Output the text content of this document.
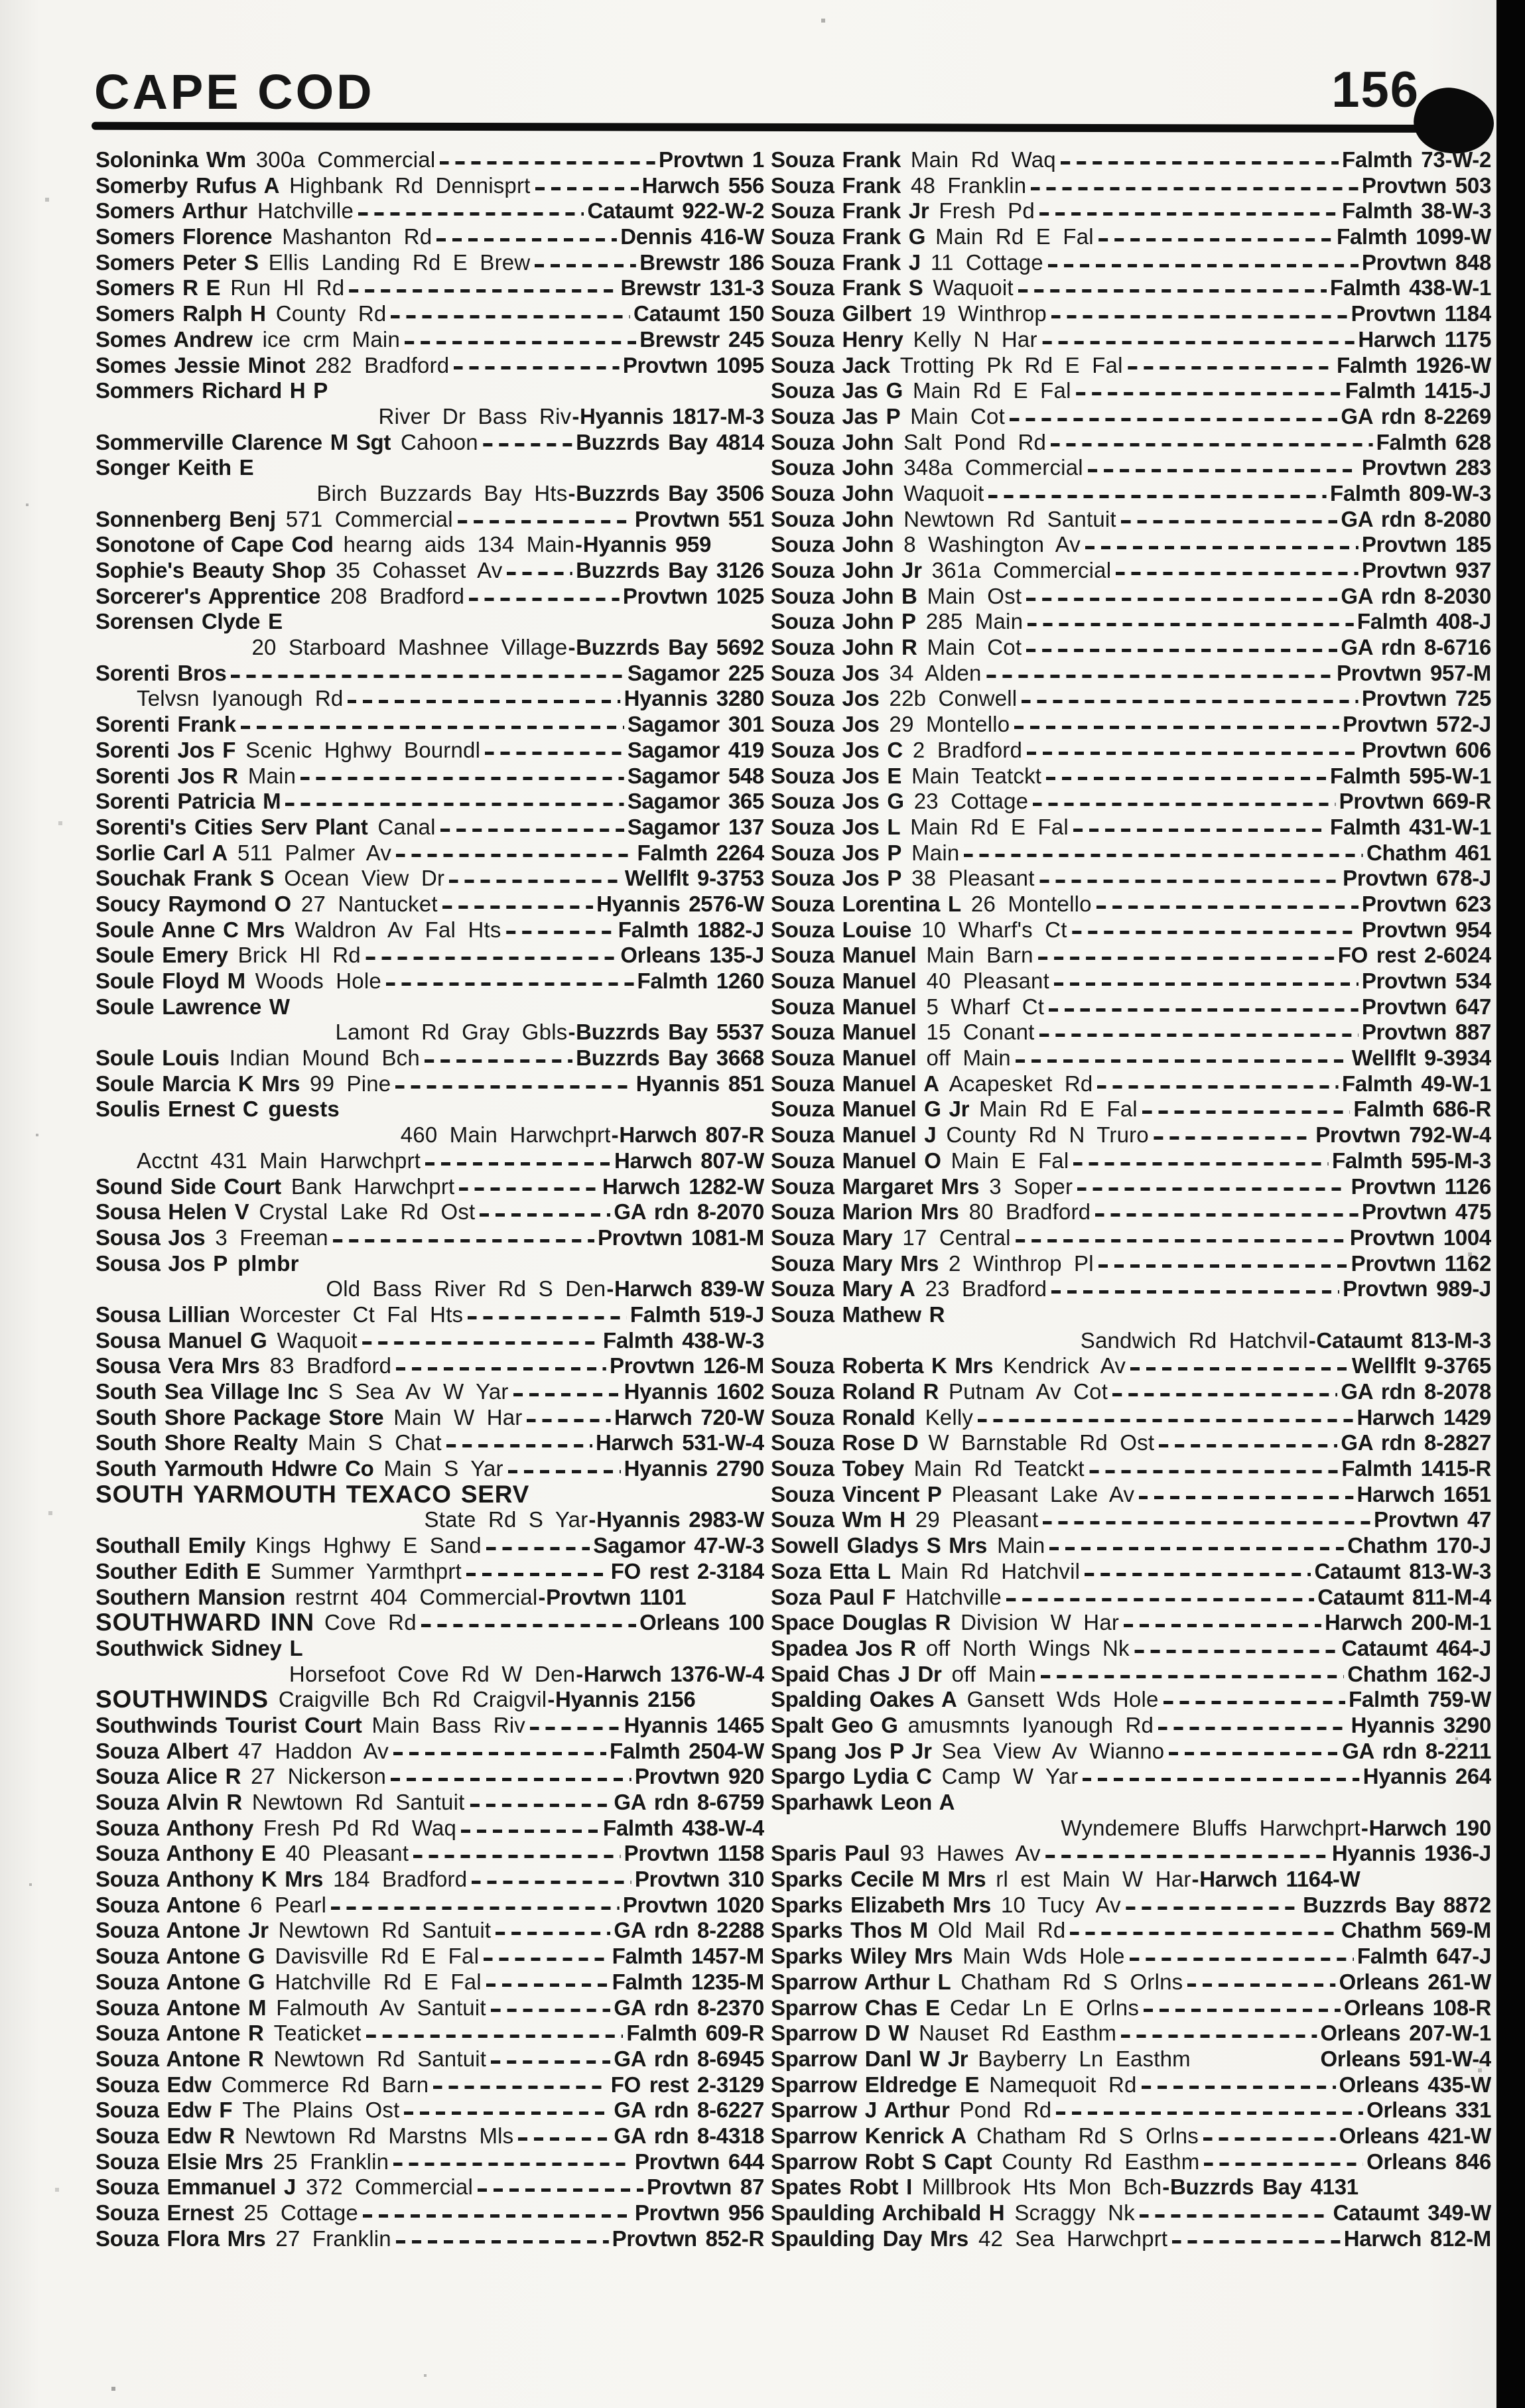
CAPE COD	156
Soloninka Wm 300a Commercial	Provtwn 1
Somerby Rufus A Highbank Rd Dennisprt	Harwch 556
Somers Arthur Hatchville	Cataumt 922-W-2
Somers Florence Mashanton Rd	Dennis 416-W
Somers Peter S Ellis Landing Rd E Brew	Brewstr 186
Somers R E Run Hl Rd	Brewstr 131-3
Somers Ralph H County Rd	Cataumt 150
Somes Andrew ice crm Main	Brewstr 245
Somes Jessie Minot 282 Bradford	Provtwn 1095
Sommers Richard H P
River Dr Bass Riv - Hyannis 1817-M-3
Sommerville Clarence M Sgt Cahoon	Buzzrds Bay 4814
Songer Keith E
Birch Buzzards Bay Hts - Buzzrds Bay 3506
Sonnenberg Benj 571 Commercial	Provtwn 551
Sonotone of Cape Cod hearng aids 134 Main - Hyannis 959
Sophie's Beauty Shop 35 Cohasset Av	Buzzrds Bay 3126
Sorcerer's Apprentice 208 Bradford	Provtwn 1025
Sorensen Clyde E
20 Starboard Mashnee Village - Buzzrds Bay 5692
Sorenti Bros	Sagamor 225
Telvsn Iyanough Rd	Hyannis 3280
Sorenti Frank	Sagamor 301
Sorenti Jos F Scenic Hghwy Bourndl	Sagamor 419
Sorenti Jos R Main	Sagamor 548
Sorenti Patricia M	Sagamor 365
Sorenti's Cities Serv Plant Canal	Sagamor 137
Sorlie Carl A 511 Palmer Av	Falmth 2264
Souchak Frank S Ocean View Dr	Wellflt 9-3753
Soucy Raymond O 27 Nantucket	Hyannis 2576-W
Soule Anne C Mrs Waldron Av Fal Hts	Falmth 1882-J
Soule Emery Brick Hl Rd	Orleans 135-J
Soule Floyd M Woods Hole	Falmth 1260
Soule Lawrence W
Lamont Rd Gray Gbls - Buzzrds Bay 5537
Soule Louis Indian Mound Bch	Buzzrds Bay 3668
Soule Marcia K Mrs 99 Pine	Hyannis 851
Soulis Ernest C guests
460 Main Harwchprt - Harwch 807-R
Acctnt 431 Main Harwchprt	Harwch 807-W
Sound Side Court Bank Harwchprt	Harwch 1282-W
Sousa Helen V Crystal Lake Rd Ost	GA rdn 8-2070
Sousa Jos 3 Freeman	Provtwn 1081-M
Sousa Jos P plmbr
Old Bass River Rd S Den - Harwch 839-W
Sousa Lillian Worcester Ct Fal Hts	Falmth 519-J
Sousa Manuel G Waquoit	Falmth 438-W-3
Sousa Vera Mrs 83 Bradford	Provtwn 126-M
South Sea Village Inc S Sea Av W Yar	Hyannis 1602
South Shore Package Store Main W Har	Harwch 720-W
South Shore Realty Main S Chat	Harwch 531-W-4
South Yarmouth Hdwre Co Main S Yar	Hyannis 2790
SOUTH YARMOUTH TEXACO SERV
State Rd S Yar - Hyannis 2983-W
Southall Emily Kings Hghwy E Sand	Sagamor 47-W-3
Souther Edith E Summer Yarmthprt	FO rest 2-3184
Southern Mansion restrnt 404 Commercial - Provtwn 1101
SOUTHWARD INN Cove Rd	Orleans 100
Southwick Sidney L
Horsefoot Cove Rd W Den - Harwch 1376-W-4
SOUTHWINDS Craigville Bch Rd Craigvil - Hyannis 2156
Southwinds Tourist Court Main Bass Riv	Hyannis 1465
Souza Albert 47 Haddon Av	Falmth 2504-W
Souza Alice R 27 Nickerson	Provtwn 920
Souza Alvin R Newtown Rd Santuit	GA rdn 8-6759
Souza Anthony Fresh Pd Rd Waq	Falmth 438-W-4
Souza Anthony E 40 Pleasant	Provtwn 1158
Souza Anthony K Mrs 184 Bradford	Provtwn 310
Souza Antone 6 Pearl	Provtwn 1020
Souza Antone Jr Newtown Rd Santuit	GA rdn 8-2288
Souza Antone G Davisville Rd E Fal	Falmth 1457-M
Souza Antone G Hatchville Rd E Fal	Falmth 1235-M
Souza Antone M Falmouth Av Santuit	GA rdn 8-2370
Souza Antone R Teaticket	Falmth 609-R
Souza Antone R Newtown Rd Santuit	GA rdn 8-6945
Souza Edw Commerce Rd Barn	FO rest 2-3129
Souza Edw F The Plains Ost	GA rdn 8-6227
Souza Edw R Newtown Rd Marstns Mls	GA rdn 8-4318
Souza Elsie Mrs 25 Franklin	Provtwn 644
Souza Emmanuel J 372 Commercial	Provtwn 87
Souza Ernest 25 Cottage	Provtwn 956
Souza Flora Mrs 27 Franklin	Provtwn 852-R
Souza Frank Main Rd Waq	Falmth 73-W-2
Souza Frank 48 Franklin	Provtwn 503
Souza Frank Jr Fresh Pd	Falmth 38-W-3
Souza Frank G Main Rd E Fal	Falmth 1099-W
Souza Frank J 11 Cottage	Provtwn 848
Souza Frank S Waquoit	Falmth 438-W-1
Souza Gilbert 19 Winthrop	Provtwn 1184
Souza Henry Kelly N Har	Harwch 1175
Souza Jack Trotting Pk Rd E Fal	Falmth 1926-W
Souza Jas G Main Rd E Fal	Falmth 1415-J
Souza Jas P Main Cot	GA rdn 8-2269
Souza John Salt Pond Rd	Falmth 628
Souza John 348a Commercial	Provtwn 283
Souza John Waquoit	Falmth 809-W-3
Souza John Newtown Rd Santuit	GA rdn 8-2080
Souza John 8 Washington Av	Provtwn 185
Souza John Jr 361a Commercial	Provtwn 937
Souza John B Main Ost	GA rdn 8-2030
Souza John P 285 Main	Falmth 408-J
Souza John R Main Cot	GA rdn 8-6716
Souza Jos 34 Alden	Provtwn 957-M
Souza Jos 22b Conwell	Provtwn 725
Souza Jos 29 Montello	Provtwn 572-J
Souza Jos C 2 Bradford	Provtwn 606
Souza Jos E Main Teatckt	Falmth 595-W-1
Souza Jos G 23 Cottage	Provtwn 669-R
Souza Jos L Main Rd E Fal	Falmth 431-W-1
Souza Jos P Main	Chathm 461
Souza Jos P 38 Pleasant	Provtwn 678-J
Souza Lorentina L 26 Montello	Provtwn 623
Souza Louise 10 Wharf's Ct	Provtwn 954
Souza Manuel Main Barn	FO rest 2-6024
Souza Manuel 40 Pleasant	Provtwn 534
Souza Manuel 5 Wharf Ct	Provtwn 647
Souza Manuel 15 Conant	Provtwn 887
Souza Manuel off Main	Wellflt 9-3934
Souza Manuel A Acapesket Rd	Falmth 49-W-1
Souza Manuel G Jr Main Rd E Fal	Falmth 686-R
Souza Manuel J County Rd N Truro	Provtwn 792-W-4
Souza Manuel O Main E Fal	Falmth 595-M-3
Souza Margaret Mrs 3 Soper	Provtwn 1126
Souza Marion Mrs 80 Bradford	Provtwn 475
Souza Mary 17 Central	Provtwn 1004
Souza Mary Mrs 2 Winthrop Pl	Provtwn 1162
Souza Mary A 23 Bradford	Provtwn 989-J
Souza Mathew R
Sandwich Rd Hatchvil - Cataumt 813-M-3
Souza Roberta K Mrs Kendrick Av	Wellflt 9-3765
Souza Roland R Putnam Av Cot	GA rdn 8-2078
Souza Ronald Kelly	Harwch 1429
Souza Rose D W Barnstable Rd Ost	GA rdn 8-2827
Souza Tobey Main Rd Teatckt	Falmth 1415-R
Souza Vincent P Pleasant Lake Av	Harwch 1651
Souza Wm H 29 Pleasant	Provtwn 47
Sowell Gladys S Mrs Main	Chathm 170-J
Soza Etta L Main Rd Hatchvil	Cataumt 813-W-3
Soza Paul F Hatchville	Cataumt 811-M-4
Space Douglas R Division W Har	Harwch 200-M-1
Spadea Jos R off North Wings Nk	Cataumt 464-J
Spaid Chas J Dr off Main	Chathm 162-J
Spalding Oakes A Gansett Wds Hole	Falmth 759-W
Spalt Geo G amusmnts Iyanough Rd	Hyannis 3290
Spang Jos P Jr Sea View Av Wianno	GA rdn 8-2211
Spargo Lydia C Camp W Yar	Hyannis 264
Sparhawk Leon A
Wyndemere Bluffs Harwchprt - Harwch 190
Sparis Paul 93 Hawes Av	Hyannis 1936-J
Sparks Cecile M Mrs rl est Main W Har - Harwch 1164-W
Sparks Elizabeth Mrs 10 Tucy Av	Buzzrds Bay 8872
Sparks Thos M Old Mail Rd	Chathm 569-M
Sparks Wiley Mrs Main Wds Hole	Falmth 647-J
Sparrow Arthur L Chatham Rd S Orlns	Orleans 261-W
Sparrow Chas E Cedar Ln E Orlns	Orleans 108-R
Sparrow D W Nauset Rd Easthm	Orleans 207-W-1
Sparrow Danl W Jr Bayberry Ln Easthm	Orleans 591-W-4
Sparrow Eldredge E Namequoit Rd	Orleans 435-W
Sparrow J Arthur Pond Rd	Orleans 331
Sparrow Kenrick A Chatham Rd S Orlns	Orleans 421-W
Sparrow Robt S Capt County Rd Easthm	Orleans 846
Spates Robt I Millbrook Hts Mon Bch - Buzzrds Bay 4131
Spaulding Archibald H Scraggy Nk	Cataumt 349-W
Spaulding Day Mrs 42 Sea Harwchprt	Harwch 812-M
